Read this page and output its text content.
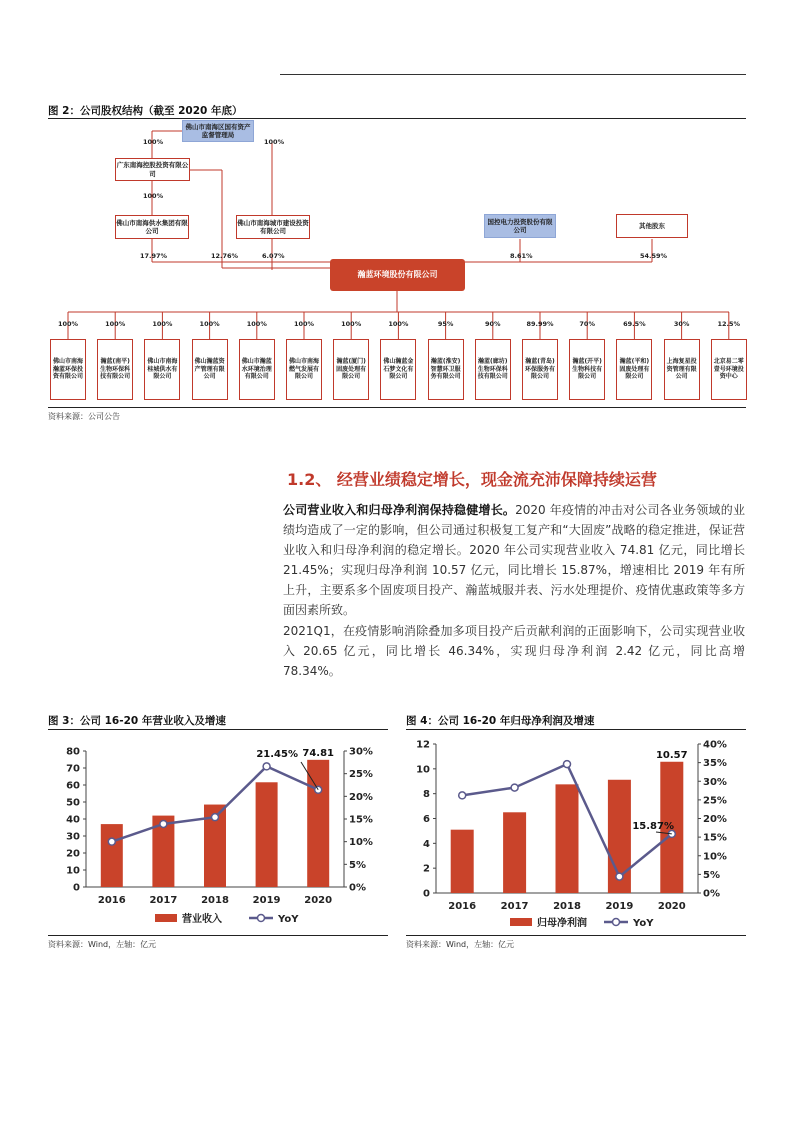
图 2：公司股权结构（截至 2020 年底）
佛山市南海区国有资产监督管理局
100%	100%
广东南海控股投资有限公司
100%
佛山市南海供水集团有限公司
佛山市南海城市建设投资有限公司
国控电力投资股份有限公司
其他股东
17.97%	12.76%	6.07%	8.61%	54.59%
瀚蓝环境股份有限公司
100%
佛山市南海瀚蓝环保投资有限公司
100%
瀚蓝(南平)生物环保科技有限公司
100%
佛山市南海桂城供水有限公司
100%
佛山瀚蓝资产管理有限公司
100%
佛山市瀚蓝水环境治理有限公司
100%
佛山市南海燃气发展有限公司
100%
瀚蓝(厦门)固废处理有限公司
100%
佛山瀚蓝金石梦文化有限公司
95%
瀚蓝(淮安)智慧环卫服务有限公司
90%
瀚蓝(廊坊)生物环保科技有限公司
89.99%
瀚蓝(青岛)环保服务有限公司
70%
瀚蓝(开平)生物科技有限公司
69.5%
瀚蓝(平和)固废处理有限公司
30%
上海复星投资管理有限公司
12.5%
北京易二零壹号环境投资中心
资料来源：公司公告
1.2、 经营业绩稳定增长，现金流充沛保障持续运营
公司营业收入和归母净利润保持稳健增长。2020 年疫情的冲击对公司各业务领域的业绩均造成了一定的影响，但公司通过积极复工复产和“大固废”战略的稳定推进，保证营业收入和归母净利润的稳定增长。2020 年公司实现营业收入 74.81 亿元，同比增长 21.45%；实现归母净利润 10.57 亿元，同比增长 15.87%，增速相比 2019 年有所上升，主要系多个固废项目投产、瀚蓝城服并表、污水处理提价、疫情优惠政策等多方面因素所致。
2021Q1，在疫情影响消除叠加多项目投产后贡献利润的正面影响下，公司实现营业收入 20.65 亿元，同比增长 46.34%，实现归母净利润 2.42 亿元，同比高增 78.34%。
图 3：公司 16-20 年营业收入及增速
0
10
20
30
40
50
60
70
80
0%
5%
10%
15%
20%
25%
30%
2016 2017 2018 2019 2020
74.81
21.45%
营业收入	YoY
资料来源：Wind，左轴：亿元
图 4：公司 16-20 年归母净利润及增速
0
2
4
6
8
10
12
0%
5%
10%
15%
20%
25%
30%
35%
40%
2016 2017 2018 2019 2020
10.57
15.87%
归母净利润	YoY
资料来源：Wind，左轴：亿元
